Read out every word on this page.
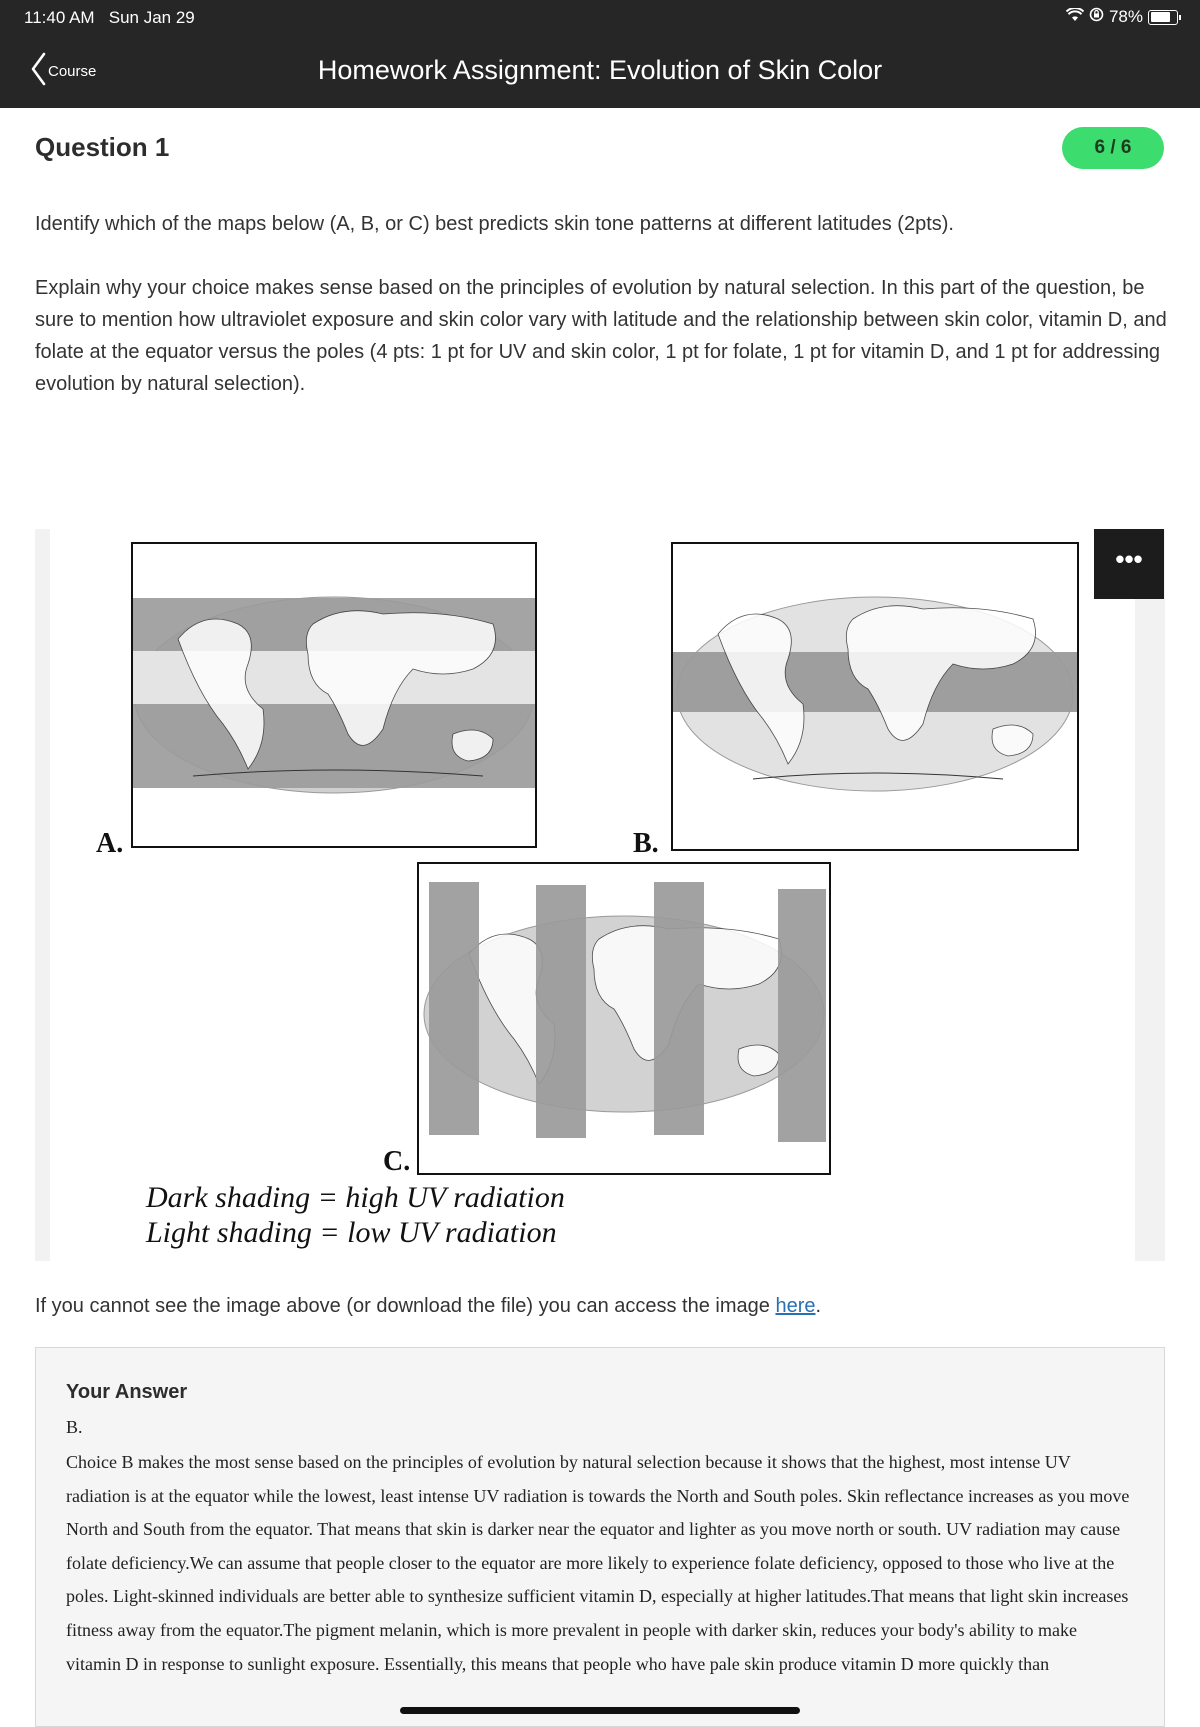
11:40 AM Sun Jan 29	78%
Homework Assignment: Evolution of Skin Color
Course
Question 1	6 / 6
Identify which of the maps below (A, B, or C) best predicts skin tone patterns at different latitudes (2pts).
Explain why your choice makes sense based on the principles of evolution by natural selection. In this part of the question, be sure to mention how ultraviolet exposure and skin color vary with latitude and the relationship between skin color, vitamin D, and folate at the equator versus the poles (4 pts: 1 pt for UV and skin color, 1 pt for folate, 1 pt for vitamin D, and 1 pt for addressing evolution by natural selection).
A.	B.
C.
Dark shading = high UV radiation
Light shading = low UV radiation
•••
If you cannot see the image above (or download the file) you can access the image here.
Your Answer
B.
Choice B makes the most sense based on the principles of evolution by natural selection because it shows that the highest, most intense UV radiation is at the equator while the lowest, least intense UV radiation is towards the North and South poles. Skin reflectance increases as you move North and South from the equator. That means that skin is darker near the equator and lighter as you move north or south. UV radiation may cause folate deficiency.We can assume that people closer to the equator are more likely to experience folate deficiency, opposed to those who live at the poles. Light-skinned individuals are better able to synthesize sufficient vitamin D, especially at higher latitudes.That means that light skin increases fitness away from the equator.The pigment melanin, which is more prevalent in people with darker skin, reduces your body's ability to make vitamin D in response to sunlight exposure. Essentially, this means that people who have pale skin produce vitamin D more quickly than
